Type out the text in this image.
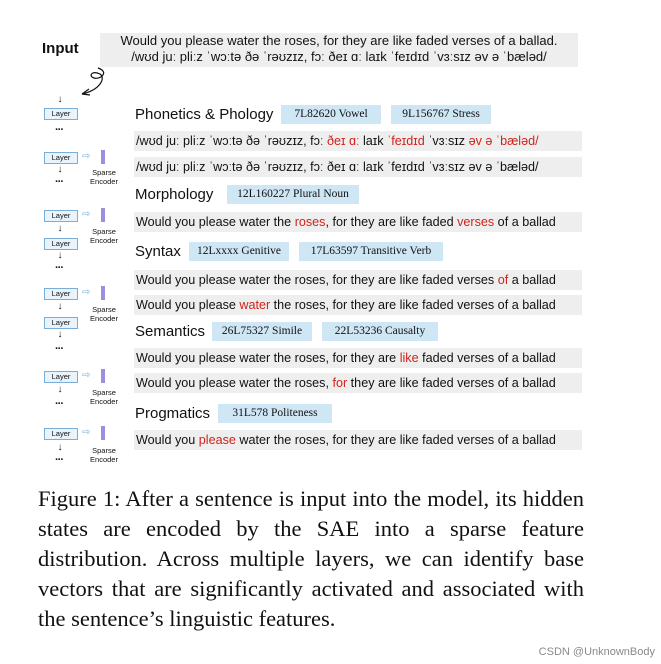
Input	Would you please water the roses, for they are like faded verses of a ballad.
/wʊd juː pliːz ˈwɔːtə ðə ˈrəʊzɪz, fɔː ðeɪ ɑː laɪk ˈfeɪdɪd ˈvɜːsɪz əv ə ˈbæləd/
↓
Layer
···
Layer	⇨
Sparse Encoder
↓
···
Layer	⇨
Sparse Encoder
↓
Layer
↓
···
Layer	⇨
Sparse Encoder
↓
Layer
↓
···
Layer	⇨
Sparse Encoder
↓
···
Layer	⇨
Sparse Encoder
↓
···
Phonetics & Phology	7L82620 Vowel	9L156767 Stress
Morphology	12L160227 Plural Noun
Syntax	12Lxxxx Genitive	17L63597 Transitive Verb
Semantics	26L75327 Simile	22L53236 Causalty
Progmatics	31L578 Politeness
/wʊd juː pliːz ˈwɔːtə ðə ˈrəʊzɪz, fɔː ðeɪ ɑː laɪk ˈfeɪdɪd ˈvɜːsɪz əv ə ˈbæləd/
/wʊd juː pliːz ˈwɔːtə ðə ˈrəʊzɪz, fɔː ðeɪ ɑː laɪk ˈfeɪdɪd ˈvɜːsɪz əv ə ˈbæləd/
Would you please water the roses, for they are like faded verses of a ballad
Would you please water the roses, for they are like faded verses of a ballad
Would you please water the roses, for they are like faded verses of a ballad
Would you please water the roses, for they are like faded verses of a ballad
Would you please water the roses, for they are like faded verses of a ballad
Would you please water the roses, for they are like faded verses of a ballad
Figure 1: After a sentence is input into the model, its hidden states are encoded by the SAE into a sparse feature distribution. Across multiple layers, we can identify base vectors that are significantly activated and associated with the sentence’s linguistic features.
CSDN @UnknownBody
